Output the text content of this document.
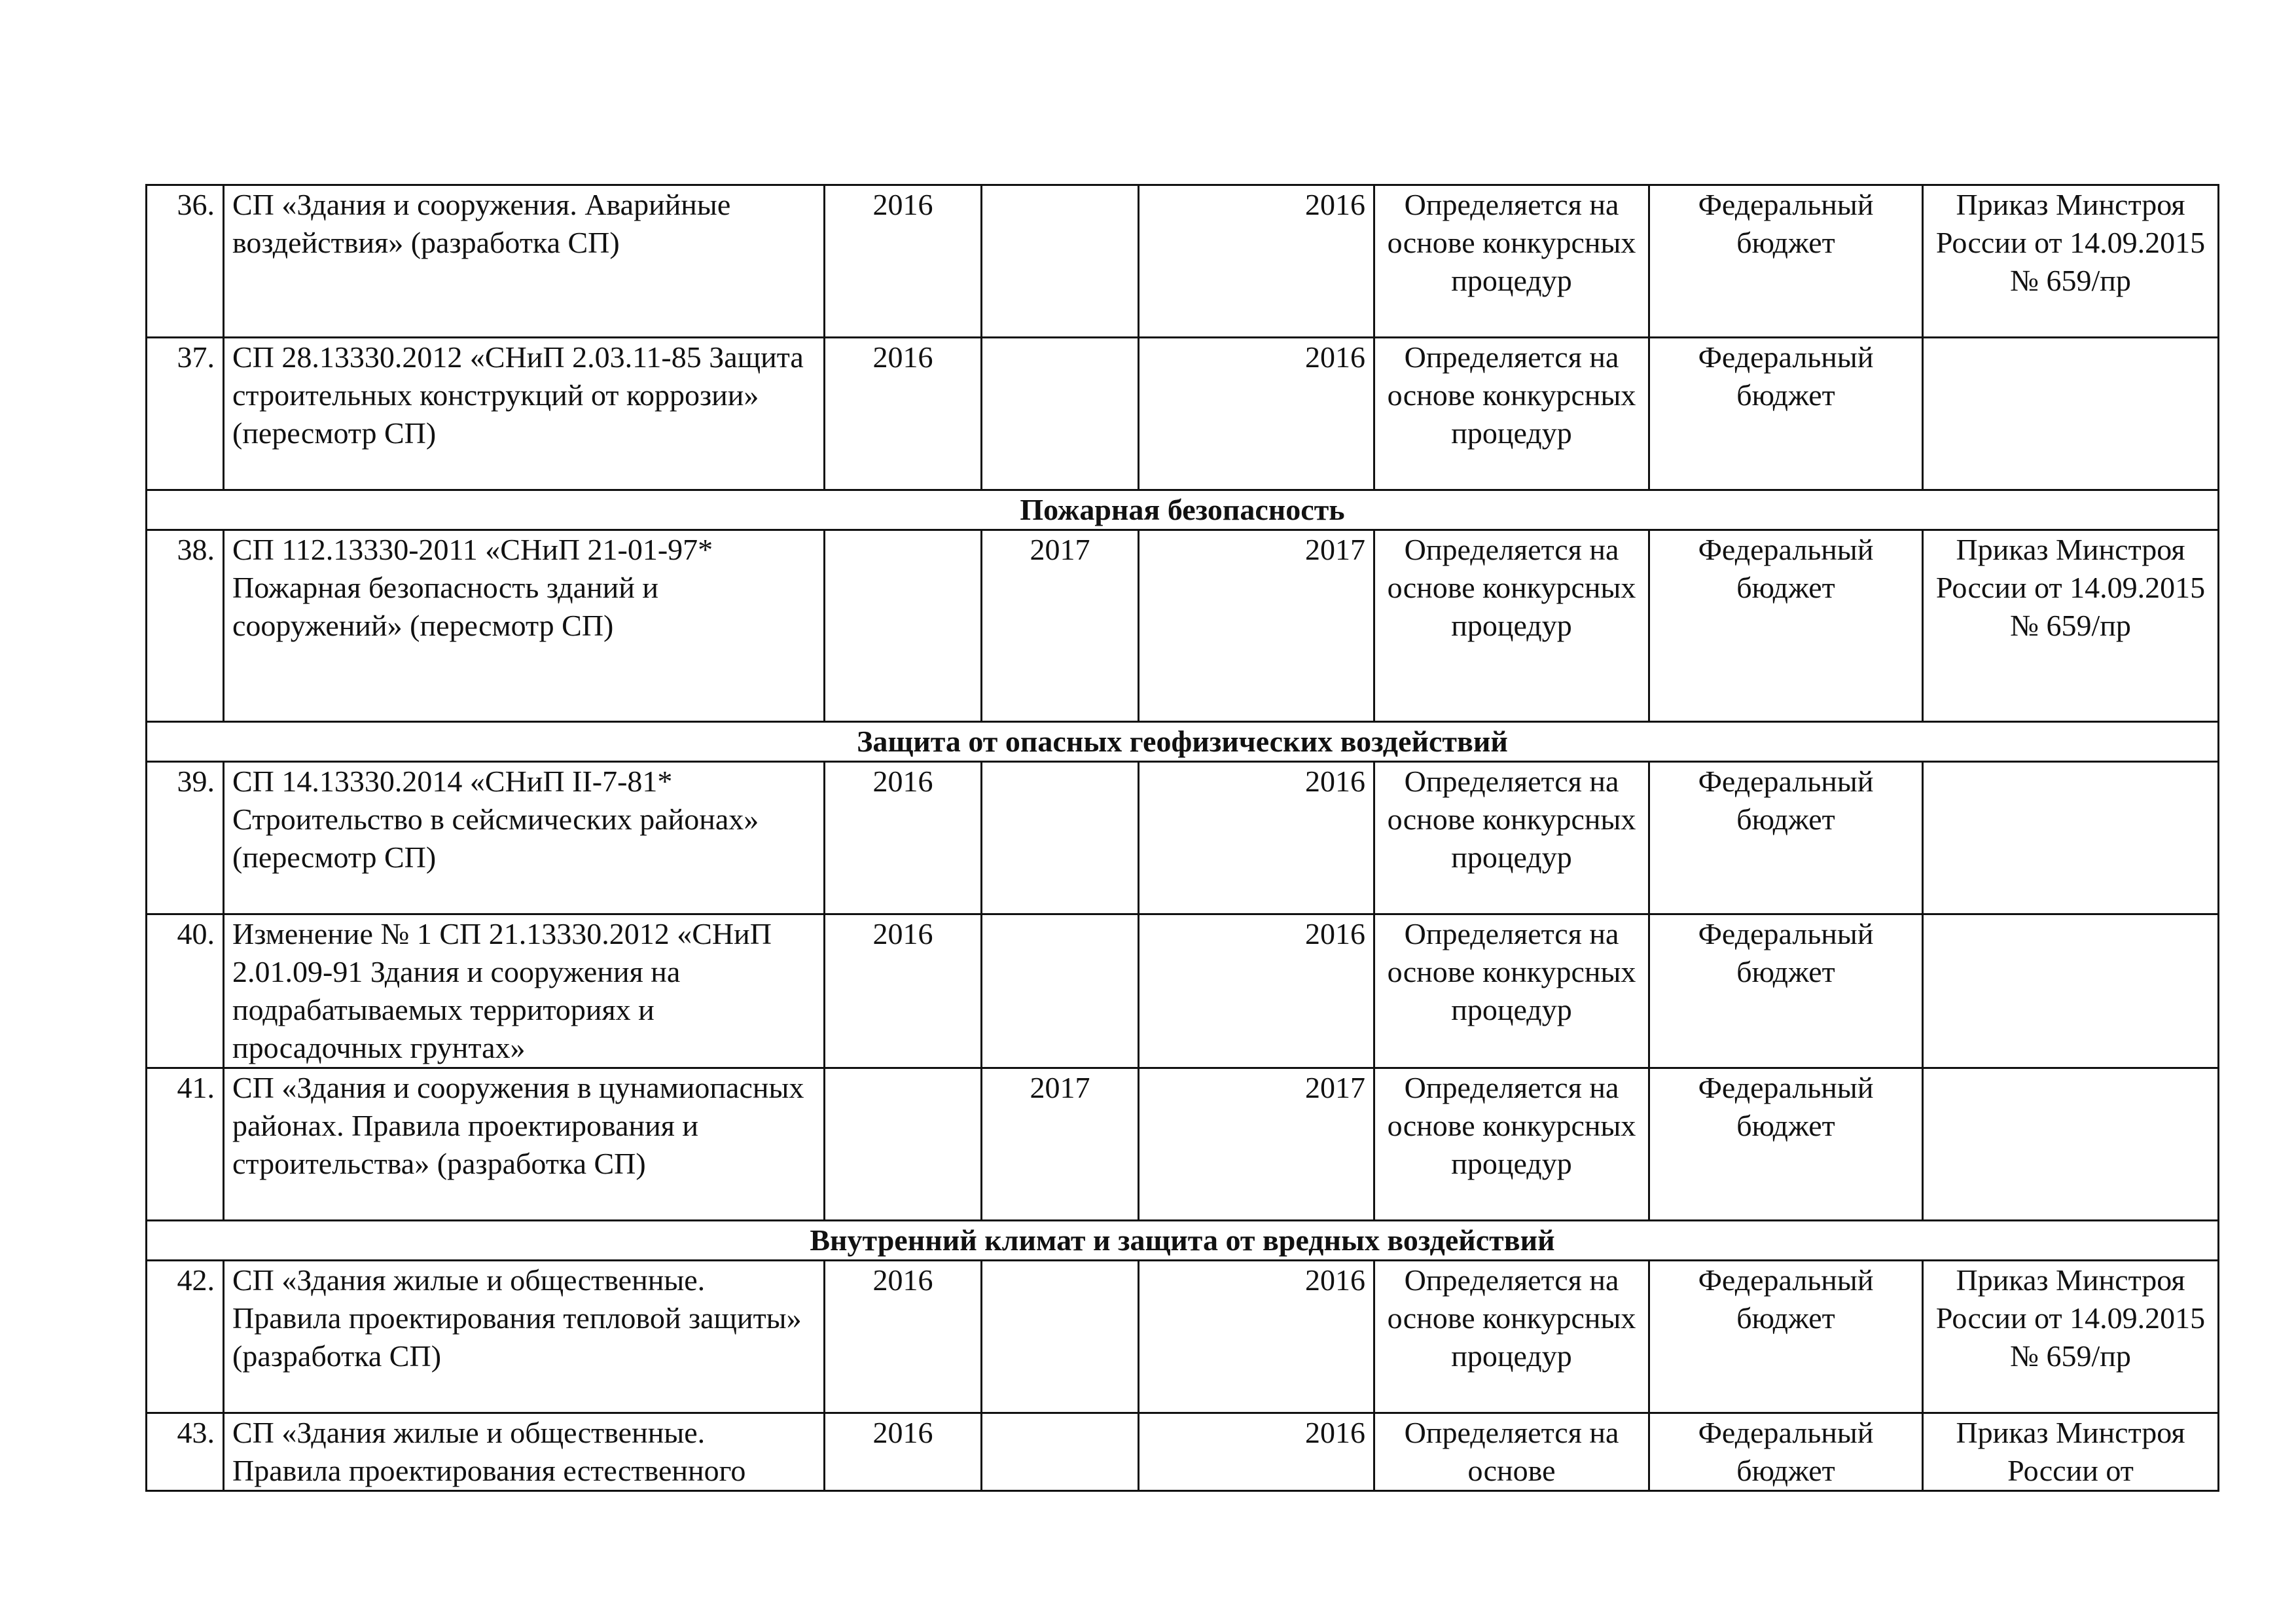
36.	СП «Здания и сооружения. Аварийные воздействия» (разработка СП)	2016		2016	Определяется на основе конкурсных процедур	Федеральный бюджет	Приказ Минстроя России от 14.09.2015 № 659/пр
37.	СП 28.13330.2012 «СНиП 2.03.11-85 Защита строительных конструкций от коррозии» (пересмотр СП)	2016		2016	Определяется на основе конкурсных процедур	Федеральный бюджет	
Пожарная безопасность							
38.	СП 112.13330-2011 «СНиП 21-01-97* Пожарная безопасность зданий и сооружений» (пересмотр СП)		2017	2017	Определяется на основе конкурсных процедур	Федеральный бюджет	Приказ Минстроя России от 14.09.2015 № 659/пр
Защита от опасных геофизических воздействий							
39.	СП 14.13330.2014 «СНиП II-7-81* Строительство в сейсмических районах» (пересмотр СП)	2016		2016	Определяется на основе конкурсных процедур	Федеральный бюджет	
40.	Изменение № 1 СП 21.13330.2012 «СНиП 2.01.09-91 Здания и сооружения на подрабатываемых территориях и просадочных грунтах»	2016		2016	Определяется на основе конкурсных процедур	Федеральный бюджет	
41.	СП «Здания и сооружения в цунамиопасных районах. Правила проектирования и строительства» (разработка СП)		2017	2017	Определяется на основе конкурсных процедур	Федеральный бюджет	
Внутренний климат и защита от вредных воздействий							
42.	СП «Здания жилые и общественные. Правила проектирования тепловой защиты» (разработка СП)	2016		2016	Определяется на основе конкурсных процедур	Федеральный бюджет	Приказ Минстроя России от 14.09.2015 № 659/пр
43.	СП «Здания жилые и общественные. Правила проектирования естественного	2016		2016	Определяется на основе	Федеральный бюджет	Приказ Минстроя России от
